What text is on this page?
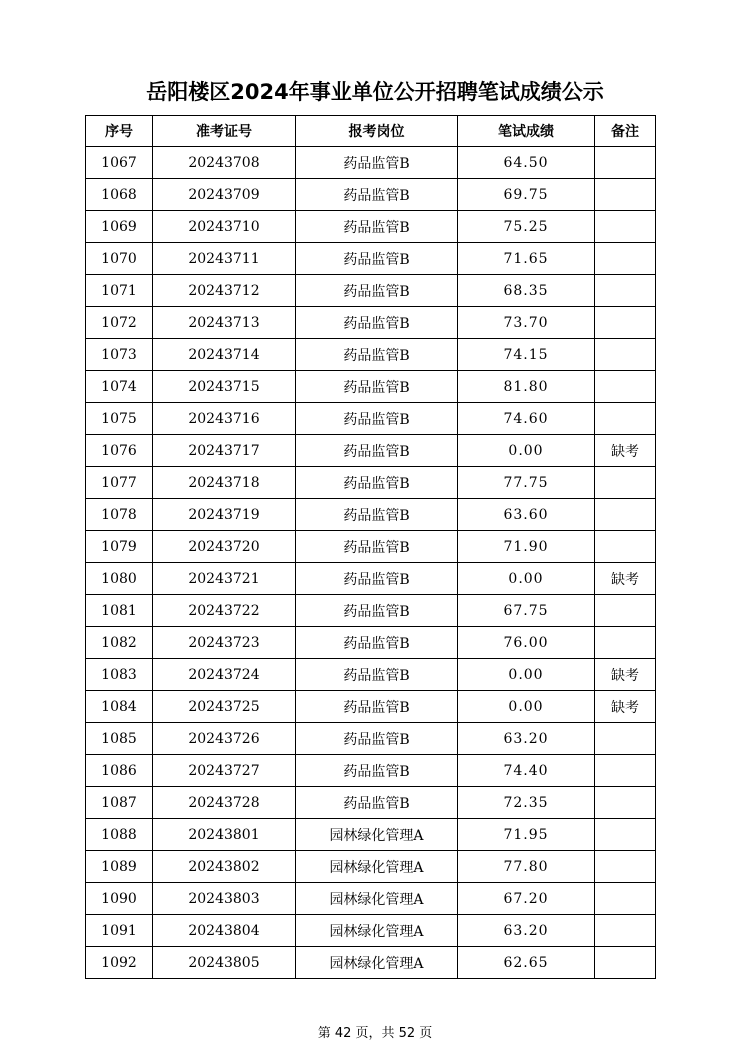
岳阳楼区2024年事业单位公开招聘笔试成绩公示
序号	准考证号	报考岗位	笔试成绩	备注
1067	20243708	药品监管B	64.50	
1068	20243709	药品监管B	69.75	
1069	20243710	药品监管B	75.25	
1070	20243711	药品监管B	71.65	
1071	20243712	药品监管B	68.35	
1072	20243713	药品监管B	73.70	
1073	20243714	药品监管B	74.15	
1074	20243715	药品监管B	81.80	
1075	20243716	药品监管B	74.60	
1076	20243717	药品监管B	0.00	缺考
1077	20243718	药品监管B	77.75	
1078	20243719	药品监管B	63.60	
1079	20243720	药品监管B	71.90	
1080	20243721	药品监管B	0.00	缺考
1081	20243722	药品监管B	67.75	
1082	20243723	药品监管B	76.00	
1083	20243724	药品监管B	0.00	缺考
1084	20243725	药品监管B	0.00	缺考
1085	20243726	药品监管B	63.20	
1086	20243727	药品监管B	74.40	
1087	20243728	药品监管B	72.35	
1088	20243801	园林绿化管理A	71.95	
1089	20243802	园林绿化管理A	77.80	
1090	20243803	园林绿化管理A	67.20	
1091	20243804	园林绿化管理A	63.20	
1092	20243805	园林绿化管理A	62.65	
第 42 页，共 52 页
